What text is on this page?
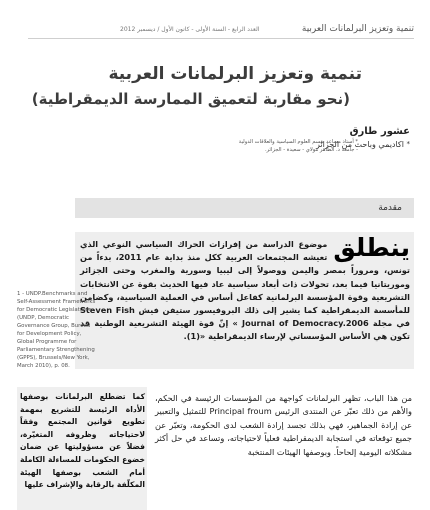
تنمية وتعزيز البرلمانات العربية
العدد الرابع - السنة الأولى - كانون الأول / ديسمبر 2012
تنمية وتعزيز البرلمانات العربية
(نحو مقاربة لتعميق الممارسة الديمقراطية)
عشور طارق
* اكاديمي وباحث من الجزائر
* أستاذ مساعد بقسم العلوم السياسية والعلاقات الدولية - جامعة د. الطاهر مولاي - سعيدة - الجزائر.
مقدمة
ينطلق
موضوع الدراسة من إفرازات الحراك السياسي النوعي الذي تعيشه المجتمعات العربية ككل منذ بداية عام 2011، بدءاً من تونس، ومروراً بمصر واليمن ووصولاً إلى ليبيا وسورية والمغرب وحتى الجزائر وموريتانيا فيما بعد، تحولات ذات أبعاد سياسية عاد فيها الحديث بقوة عن الانتخابات التشريعية وقوة المؤسسة البرلمانية كفاعل أساس في العملية السياسية، وكضامن للمأسسة الديمقراطية كما يشير إلى ذلك البروفيسور ستيفن فيش Steven Fish في مجلة Journal of Democracy.2006 » إنّ قوة الهيئة التشريعية الوطنية قد تكون هي الأساس المؤسساتي لإرساء الديمقراطية «(1).
1 - UNDP.Benchmarks and Self-Assessment Frameworks for Democratic Legislatures. (UNDP, Democratic Governance Group, Bureau for Development Policy, Global Programme for Parliamentary Strengthening (GPPS), Brussels/New York, March 2010), p. 08.
كما تضطلع البرلمانات بوصفها الأداة الرئيسة للتشريع بمهمة تطويع قوانين المجتمع وفقاً لاحتياجاته وظروفه المتغيّرة، فضلاً عن مسؤوليتها عن ضمان خضوع الحكومات للمساءلة الكاملة أمام الشعب بوصفها الهيئة المكلّفة بالرقابة والإشراف عليها
من هذا الباب، تظهر البرلمانات كواجهة من المؤسسات الرئيسة في الحكم، والأهم من ذلك تعبّر عن المنتدى الرئيس Principal froum للتمثيل والتعبير عن إرادة الجماهير، فهي بذلك تجسد إرادة الشعب لدى الحكومة، وتعبّر عن جميع توقعاته في استجابة الديمقراطية فعلياً لاحتياجاته، وتساعد في حل أكثر مشكلاته اليومية إلحاحاً. وبوصفها الهيئات المنتخبة
